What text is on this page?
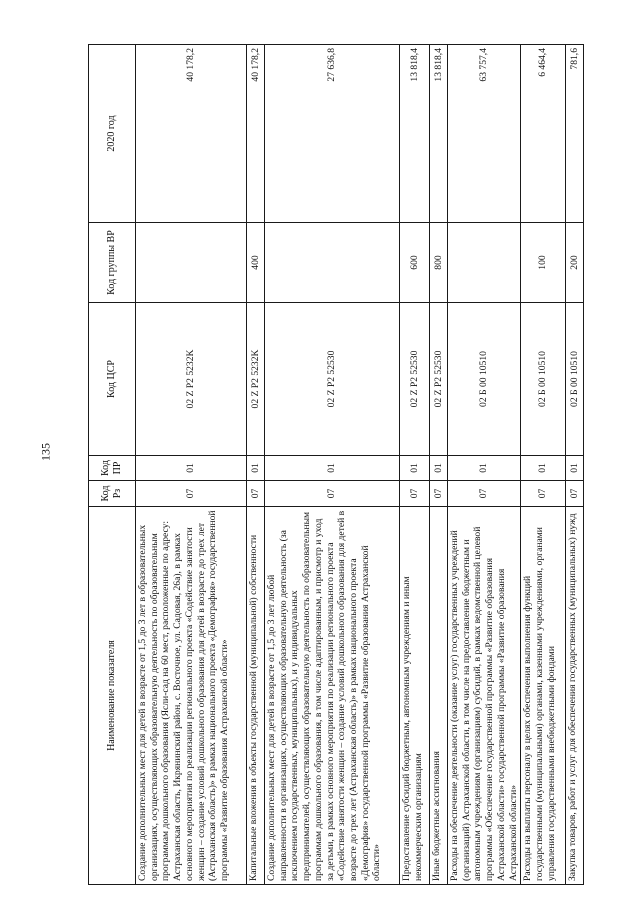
135
Наименование показателя	Код Рз	Код ПР	Код ЦСР	Код группы ВР	2020 год
Создание дополнительных мест для детей в возрасте от 1,5 до 3 лет в образовательных организациях, осуществляющих образовательную деятельность по образовательным программам дошкольного образования (Ясли-сад на 60 мест, расположенные по адресу: Астраханская область, Икрянинский район, с. Восточное, ул. Садовая, 26а), в рамках основного мероприятия по реализации регионального проекта «Содействие занятости женщин – создание условий дошкольного образования для детей в возрасте до трех лет (Астраханская область)» в рамках национального проекта «Демография» государственной программы «Развитие образования Астраханской области»	07	01	02 Z P2 5232K		40 178,2
Капитальные вложения в объекты государственной (муниципальной) собственности	07	01	02 Z P2 5232K	400	40 178,2
Создание дополнительных мест для детей в возрасте от 1,5 до 3 лет любой направленности в организациях, осуществляющих образовательную деятельность (за исключением государственных, муниципальных), и у индивидуальных предпринимателей, осуществляющих образовательную деятельность по образовательным программам дошкольного образования, в том числе адаптированным, и присмотр и уход за детьми, в рамках основного мероприятия по реализации регионального проекта «Содействие занятости женщин – создание условий дошкольного образования для детей в возрасте до трех лет (Астраханская область)» в рамках национального проекта «Демография» государственной программы «Развитие образования Астраханской области»	07	01	02 Z P2 52530		27 636,8
Предоставление субсидий бюджетным, автономным учреждениям и иным некоммерческим организациям	07	01	02 Z P2 52530	600	13 818,4
Иные бюджетные ассигнования	07	01	02 Z P2 52530	800	13 818,4
Расходы на обеспечение деятельности (оказание услуг) государственных учреждений (организаций) Астраханской области, в том числе на предоставление бюджетным и автономным учреждениям (организациям) субсидий, в рамках ведомственной целевой программы «Обеспечение государственной программы «Развитие образования Астраханской области» государственной программы «Развитие образования Астраханской области»	07	01	02 Б 00 10510		63 757,4
Расходы на выплаты персоналу в целях обеспечения выполнения функций государственными (муниципальными) органами, казенными учреждениями, органами управления государственными внебюджетными фондами	07	01	02 Б 00 10510	100	6 464,4
Закупка товаров, работ и услуг для обеспечения государственных (муниципальных) нужд	07	01	02 Б 00 10510	200	781,6
